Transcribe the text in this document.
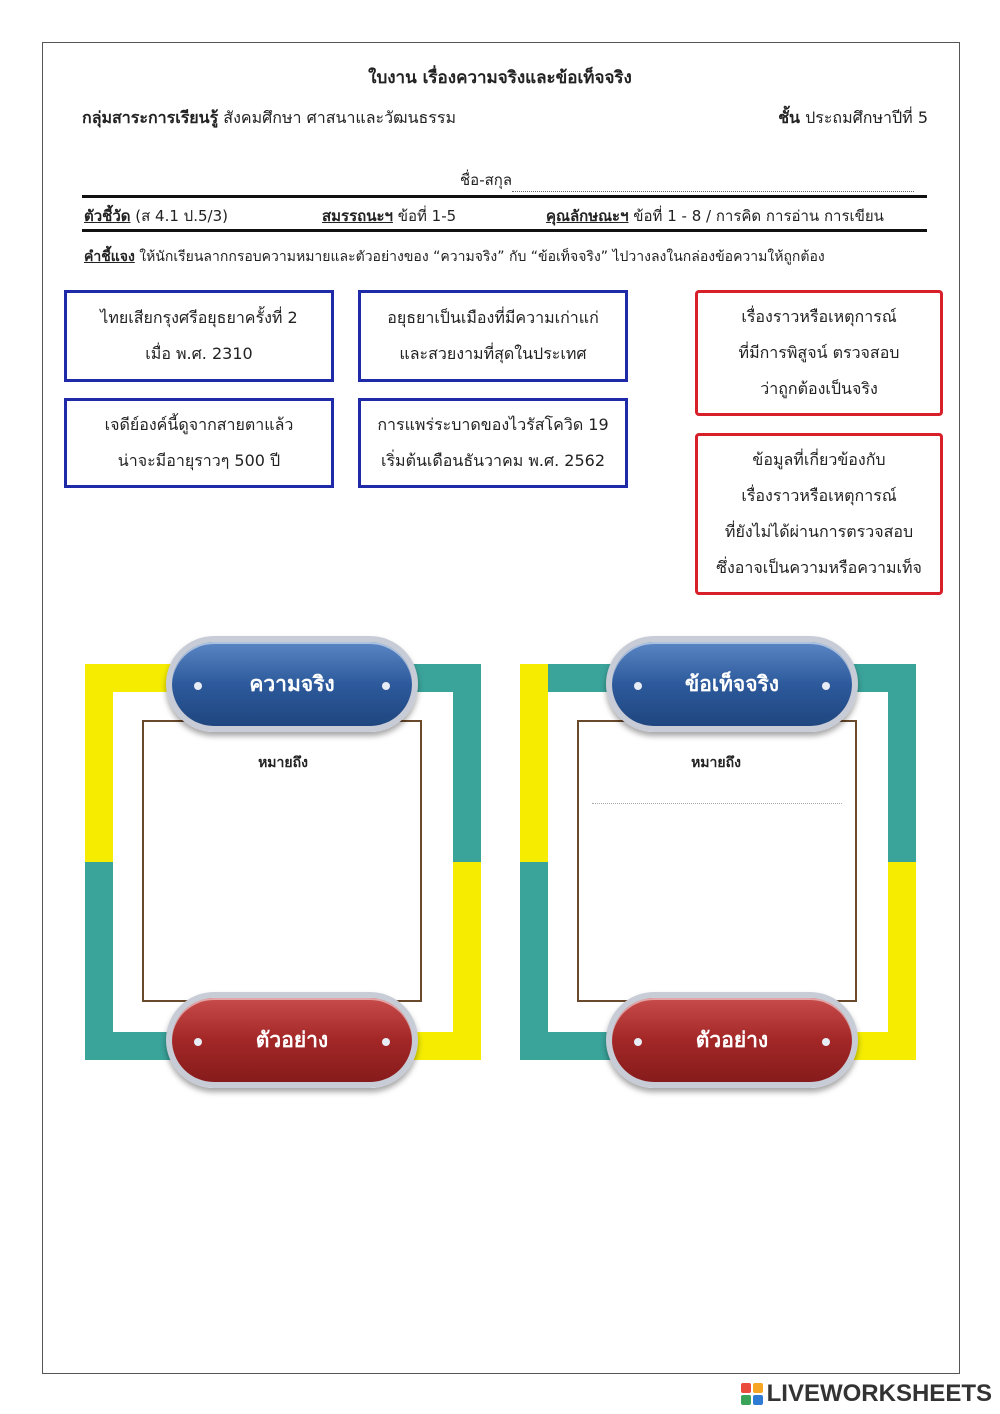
ใบงาน เรื่องความจริงและข้อเท็จจริง
กลุ่มสาระการเรียนรู้ สังคมศึกษา ศาสนาและวัฒนธรรม	ชั้น ประถมศึกษาปีที่ 5
ชื่อ-สกุล
ตัวชี้วัด (ส 4.1 ป.5/3)	สมรรถนะฯ ข้อที่ 1-5	คุณลักษณะฯ ข้อที่ 1 - 8 / การคิด การอ่าน การเขียน
คำชี้แจง ให้นักเรียนลากกรอบความหมายและตัวอย่างของ “ความจริง” กับ “ข้อเท็จจริง” ไปวางลงในกล่องข้อความให้ถูกต้อง
ไทยเสียกรุงศรีอยุธยาครั้งที่ 2
เมื่อ พ.ศ. 2310
อยุธยาเป็นเมืองที่มีความเก่าแก่
และสวยงามที่สุดในประเทศ
เจดีย์องค์นี้ดูจากสายตาแล้ว
น่าจะมีอายุราวๆ 500 ปี
การแพร่ระบาดของไวรัสโควิด 19
เริ่มต้นเดือนธันวาคม พ.ศ. 2562
เรื่องราวหรือเหตุการณ์
ที่มีการพิสูจน์ ตรวจสอบ
ว่าถูกต้องเป็นจริง
ข้อมูลที่เกี่ยวข้องกับ
เรื่องราวหรือเหตุการณ์
ที่ยังไม่ได้ผ่านการตรวจสอบ
ซึ่งอาจเป็นความหรือความเท็จ
หมายถึง
ความจริง
ตัวอย่าง
หมายถึง
ข้อเท็จจริง
ตัวอย่าง
LIVEWORKSHEETS
